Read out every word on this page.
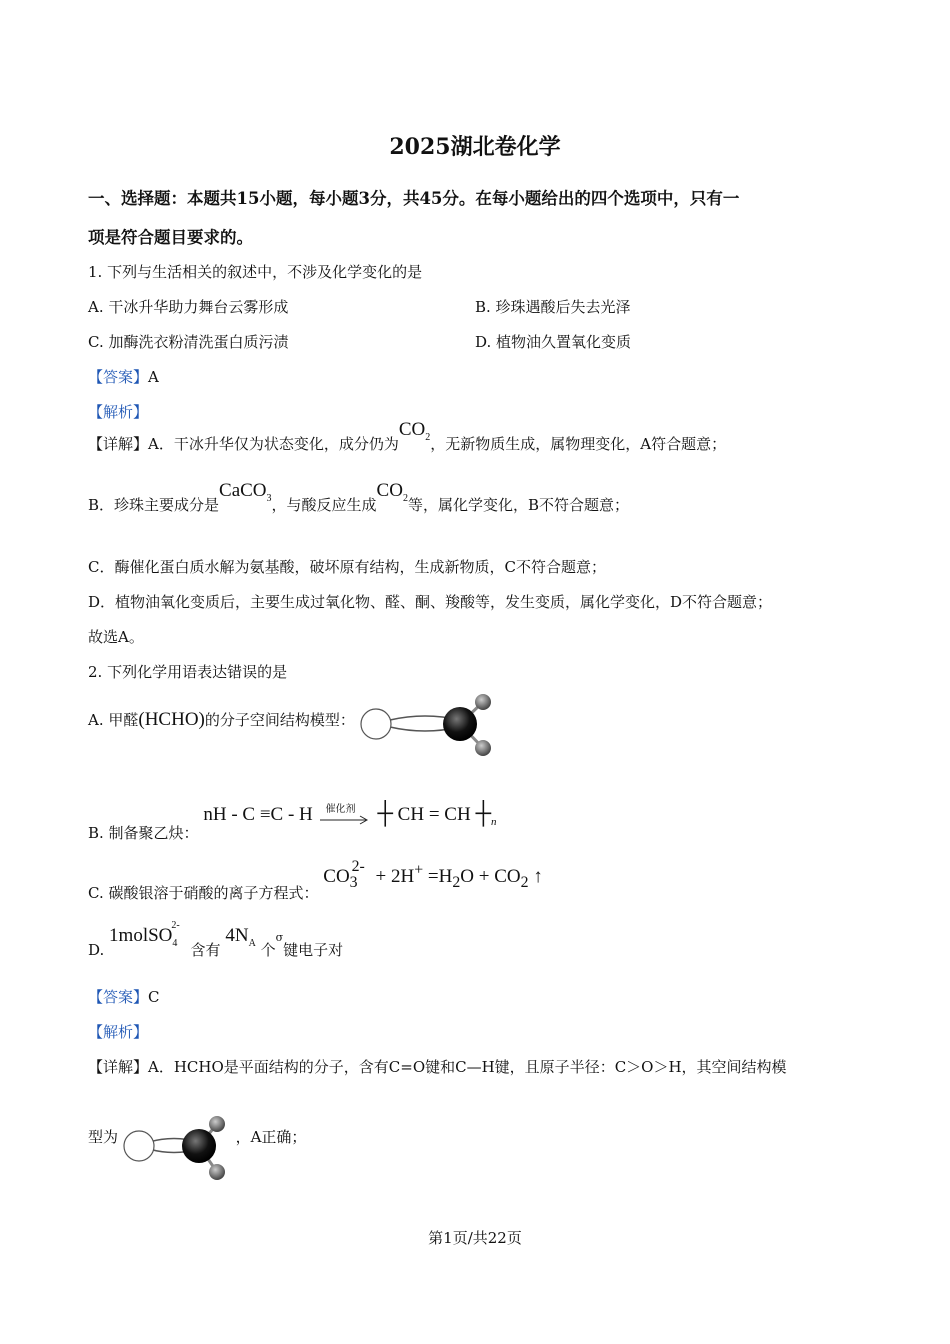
2025湖北卷化学
一、选择题：本题共15小题，每小题3分，共45分。在每小题给出的四个选项中，只有一
项是符合题目要求的。
1. 下列与生活相关的叙述中，不涉及化学变化的是
A. 干冰升华助力舞台云雾形成	B. 珍珠遇酸后失去光泽
C. 加酶洗衣粉清洗蛋白质污渍	D. 植物油久置氧化变质
【答案】A
【解析】
【详解】A．干冰升华仅为状态变化，成分仍为$CO_2$，无新物质生成，属物理变化，A符合题意；
B．珍珠主要成分是CaCO$_3$，与酸反应生成$CO_2$等，属化学变化，B不符合题意；
C．酶催化蛋白质水解为氨基酸，破坏原有结构，生成新物质，C不符合题意；
D．植物油氧化变质后，主要生成过氧化物、醛、酮、羧酸等，发生变质，属化学变化，D不符合题意；
故选A。
2. 下列化学用语表达错误的是
A. 甲醛(HCHO)的分子空间结构模型：
B. 制备聚乙炔： nH - C ≡C - H 催化剂 ┼ CH = CH $┼_n$
C. 碳酸银溶于硝酸的离子方程式： $CO_3^{2-} + 2H^+ =H_2O + CO_2$ ↑
D. 1molSO$_4^{2-}$ 含有 $4N_A$ 个σ键电子对
【答案】C
【解析】
【详解】A．HCHO是平面结构的分子，含有C=O键和C—H键，且原子半径：C＞O＞H，其空间结构模
型为	，A正确；
第1页/共22页
